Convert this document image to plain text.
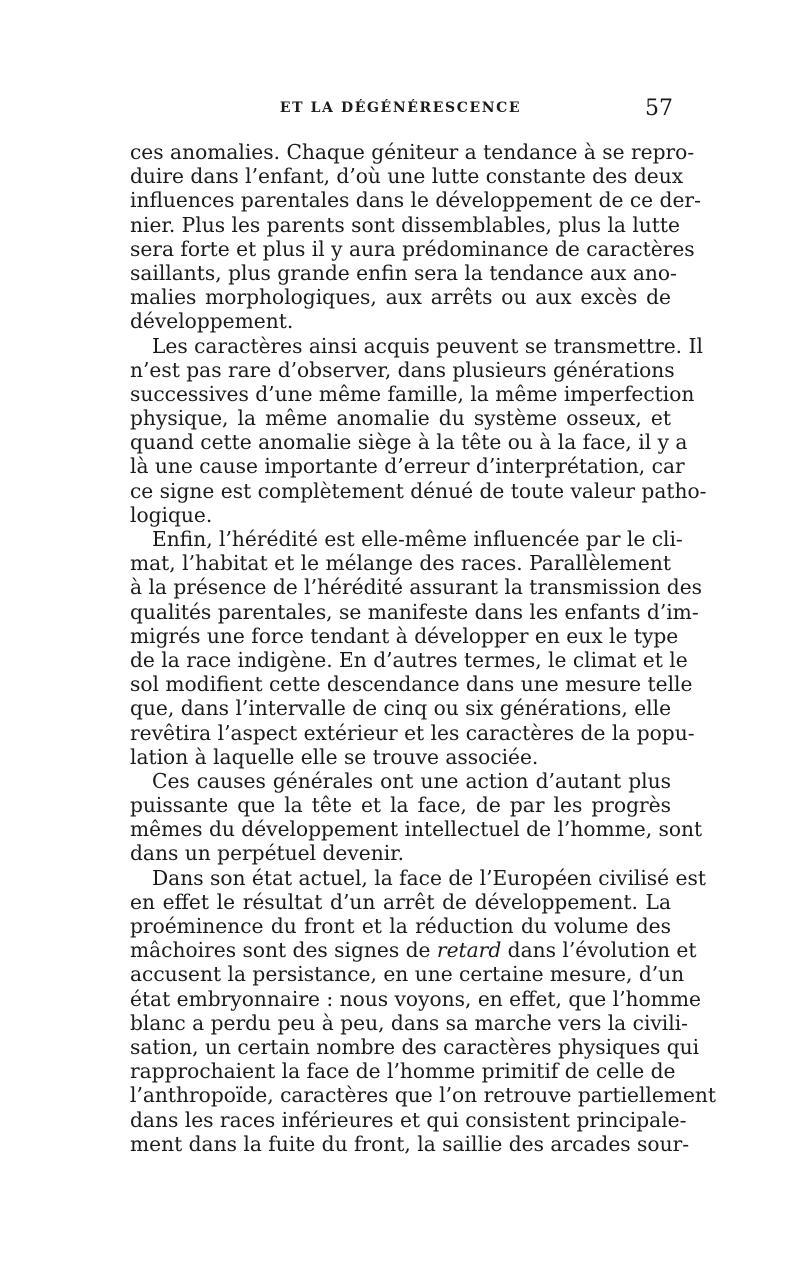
ET LA DÉGÉNÉRESCENCE	57
ces anomalies. Chaque géniteur a tendance à se repro-
duire dans l’enfant, d’où une lutte constante des deux
influences parentales dans le développement de ce der-
nier. Plus les parents sont dissemblables, plus la lutte
sera forte et plus il y aura prédominance de caractères
saillants, plus grande enfin sera la tendance aux ano-
malies morphologiques, aux arrêts ou aux excès de
développement.
Les caractères ainsi acquis peuvent se transmettre. Il
n’est pas rare d’observer, dans plusieurs générations
successives d’une même famille, la même imperfection
physique, la même anomalie du système osseux, et
quand cette anomalie siège à la tête ou à la face, il y a
là une cause importante d’erreur d’interprétation, car
ce signe est complètement dénué de toute valeur patho-
logique.
Enfin, l’hérédité est elle-même influencée par le cli-
mat, l’habitat et le mélange des races. Parallèlement
à la présence de l’hérédité assurant la transmission des
qualités parentales, se manifeste dans les enfants d’im-
migrés une force tendant à développer en eux le type
de la race indigène. En d’autres termes, le climat et le
sol modifient cette descendance dans une mesure telle
que, dans l’intervalle de cinq ou six générations, elle
revêtira l’aspect extérieur et les caractères de la popu-
lation à laquelle elle se trouve associée.
Ces causes générales ont une action d’autant plus
puissante que la tête et la face, de par les progrès
mêmes du développement intellectuel de l’homme, sont
dans un perpétuel devenir.
Dans son état actuel, la face de l’Européen civilisé est
en effet le résultat d’un arrêt de développement. La
proéminence du front et la réduction du volume des
mâchoires sont des signes de retard dans l’évolution et
accusent la persistance, en une certaine mesure, d’un
état embryonnaire : nous voyons, en effet, que l’homme
blanc a perdu peu à peu, dans sa marche vers la civili-
sation, un certain nombre des caractères physiques qui
rapprochaient la face de l’homme primitif de celle de
l’anthropoïde, caractères que l’on retrouve partiellement
dans les races inférieures et qui consistent principale-
ment dans la fuite du front, la saillie des arcades sour-
